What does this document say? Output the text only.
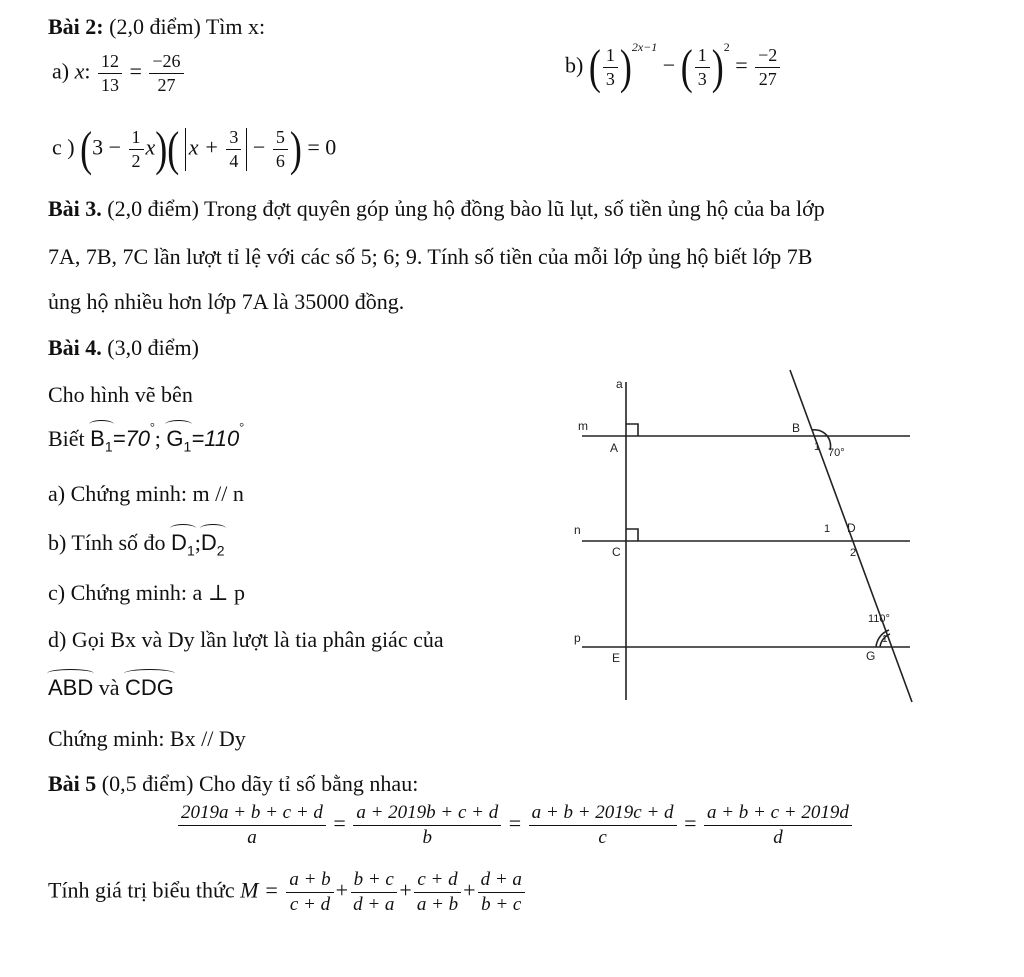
Bài 2: (2,0 điểm) Tìm x:
a) x: $\frac{12}{13} = \frac{-26}{27}$	b) ( $\frac{1}{3} )^{2x-1}$ − ( $\frac{1}{3} )^2 = \frac{-2}{27}$
c ) $(3 - \frac{1}{2} x)$( $x + \frac{3}{4} - \frac{5}{6}$ ) = 0
Bài 3. (2,0 điểm) Trong đợt quyên góp ủng hộ đồng bào lũ lụt, số tiền ủng hộ của ba lớp
7A, 7B, 7C lần lượt tỉ lệ với các số 5; 6; 9. Tính số tiền của mỗi lớp ủng hộ biết lớp 7B
ủng hộ nhiều hơn lớp 7A là 35000 đồng.
Bài 4. (3,0 điểm)
Cho hình vẽ bên
Biết $B_1=70^\circ$; $G_1=110^\circ$
a) Chứng minh: m // n
b) Tính số đo $D_1;D_2$
c) Chứng minh: a ⊥ p
d) Gọi Bx và Dy lần lượt là tia phân giác của
ABD và CDG
Chứng minh: Bx // Dy
a
m
A
B
1 70°
n
C
1 D
2
110°
p
E
1
G
Bài 5 (0,5 điểm) Cho dãy tỉ số bằng nhau:
$\frac{2019a + b + c + d}{a} = \frac{a + 2019b + c + d}{b} = \frac{a + b + 2019c + d}{c} = \frac{a + b + c + 2019d}{d}$
Tính giá trị biểu thức $M = \frac{a + b}{c + d} + \frac{b + c}{d + a} + \frac{c + d}{a + b} + \frac{d + a}{b + c}$
